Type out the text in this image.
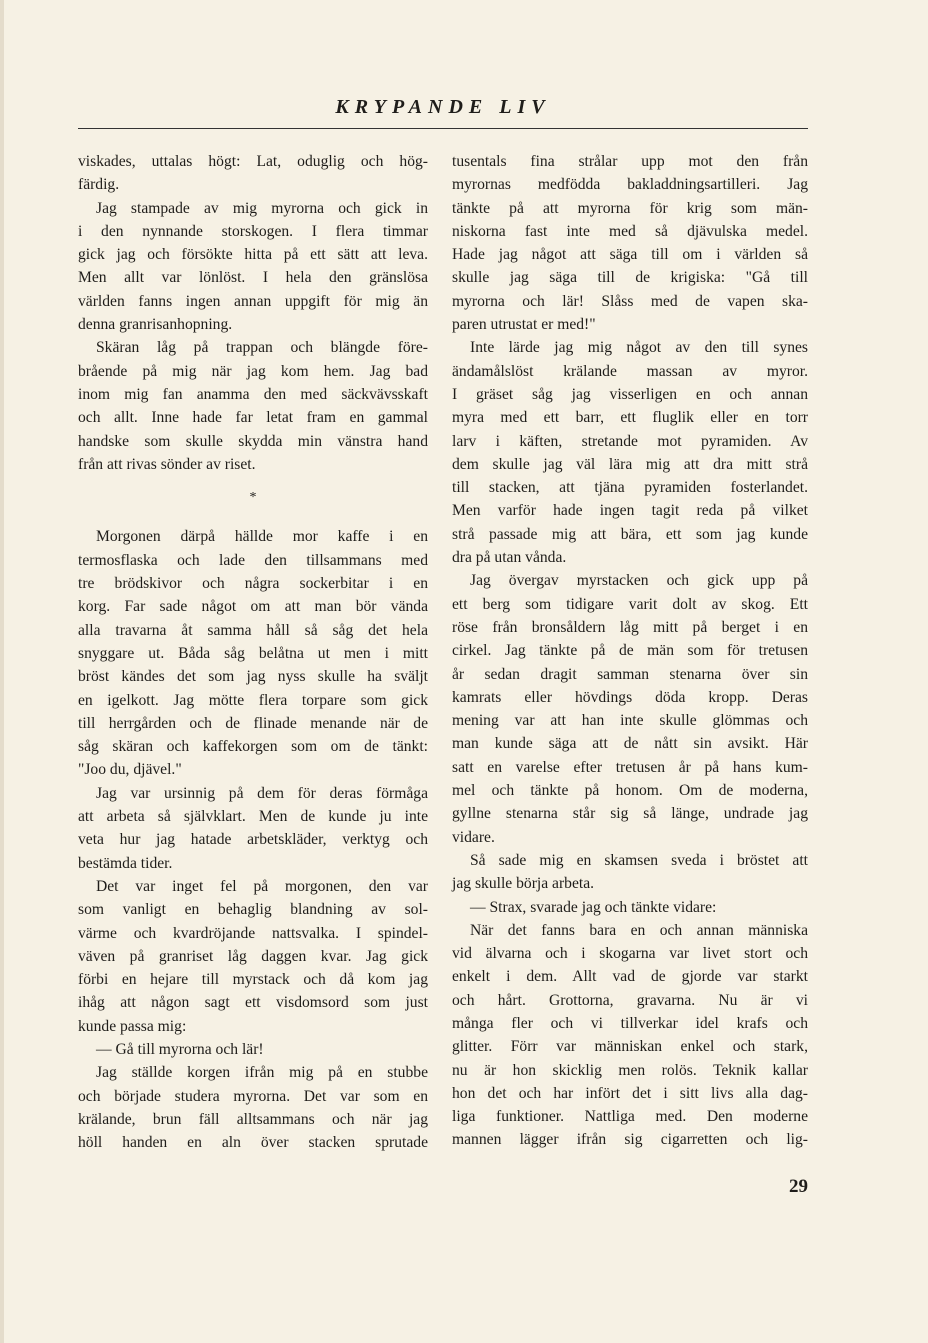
KRYPANDE LIV
viskades, uttalas högt: Lat, oduglig och hög-
färdig.
Jag stampade av mig myrorna och gick in
i den nynnande storskogen. I flera timmar
gick jag och försökte hitta på ett sätt att leva.
Men allt var lönlöst. I hela den gränslösa
världen fanns ingen annan uppgift för mig än
denna granrisanhopning.
Skäran låg på trappan och blängde före-
brående på mig när jag kom hem. Jag bad
inom mig fan anamma den med säckvävsskaft
och allt. Inne hade far letat fram en gammal
handske som skulle skydda min vänstra hand
från att rivas sönder av riset.
*
Morgonen därpå hällde mor kaffe i en
termosflaska och lade den tillsammans med
tre brödskivor och några sockerbitar i en
korg. Far sade något om att man bör vända
alla travarna åt samma håll så såg det hela
snyggare ut. Båda såg belåtna ut men i mitt
bröst kändes det som jag nyss skulle ha sväljt
en igelkott. Jag mötte flera torpare som gick
till herrgården och de flinade menande när de
såg skäran och kaffekorgen som om de tänkt:
"Joo du, djävel."
Jag var ursinnig på dem för deras förmåga
att arbeta så självklart. Men de kunde ju inte
veta hur jag hatade arbetskläder, verktyg och
bestämda tider.
Det var inget fel på morgonen, den var
som vanligt en behaglig blandning av sol-
värme och kvardröjande nattsvalka. I spindel-
väven på granriset låg daggen kvar. Jag gick
förbi en hejare till myrstack och då kom jag
ihåg att någon sagt ett visdomsord som just
kunde passa mig:
— Gå till myrorna och lär!
Jag ställde korgen ifrån mig på en stubbe
och började studera myrorna. Det var som en
krälande, brun fäll alltsammans och när jag
höll handen en aln över stacken sprutade
tusentals fina strålar upp mot den från
myrornas medfödda bakladdningsartilleri. Jag
tänkte på att myrorna för krig som män-
niskorna fast inte med så djävulska medel.
Hade jag något att säga till om i världen så
skulle jag säga till de krigiska: "Gå till
myrorna och lär! Slåss med de vapen ska-
paren utrustat er med!"
Inte lärde jag mig något av den till synes
ändamålslöst krälande massan av myror.
I gräset såg jag visserligen en och annan
myra med ett barr, ett fluglik eller en torr
larv i käften, stretande mot pyramiden. Av
dem skulle jag väl lära mig att dra mitt strå
till stacken, att tjäna pyramiden fosterlandet.
Men varför hade ingen tagit reda på vilket
strå passade mig att bära, ett som jag kunde
dra på utan vånda.
Jag övergav myrstacken och gick upp på
ett berg som tidigare varit dolt av skog. Ett
röse från bronsåldern låg mitt på berget i en
cirkel. Jag tänkte på de män som för tretusen
år sedan dragit samman stenarna över sin
kamrats eller hövdings döda kropp. Deras
mening var att han inte skulle glömmas och
man kunde säga att de nått sin avsikt. Här
satt en varelse efter tretusen år på hans kum-
mel och tänkte på honom. Om de moderna,
gyllne stenarna står sig så länge, undrade jag
vidare.
Så sade mig en skamsen sveda i bröstet att
jag skulle börja arbeta.
— Strax, svarade jag och tänkte vidare:
När det fanns bara en och annan människa
vid älvarna och i skogarna var livet stort och
enkelt i dem. Allt vad de gjorde var starkt
och hårt. Grottorna, gravarna. Nu är vi
många fler och vi tillverkar idel krafs och
glitter. Förr var människan enkel och stark,
nu är hon skicklig men rolös. Teknik kallar
hon det och har infört det i sitt livs alla dag-
liga funktioner. Nattliga med. Den moderne
mannen lägger ifrån sig cigarretten och lig-
29
